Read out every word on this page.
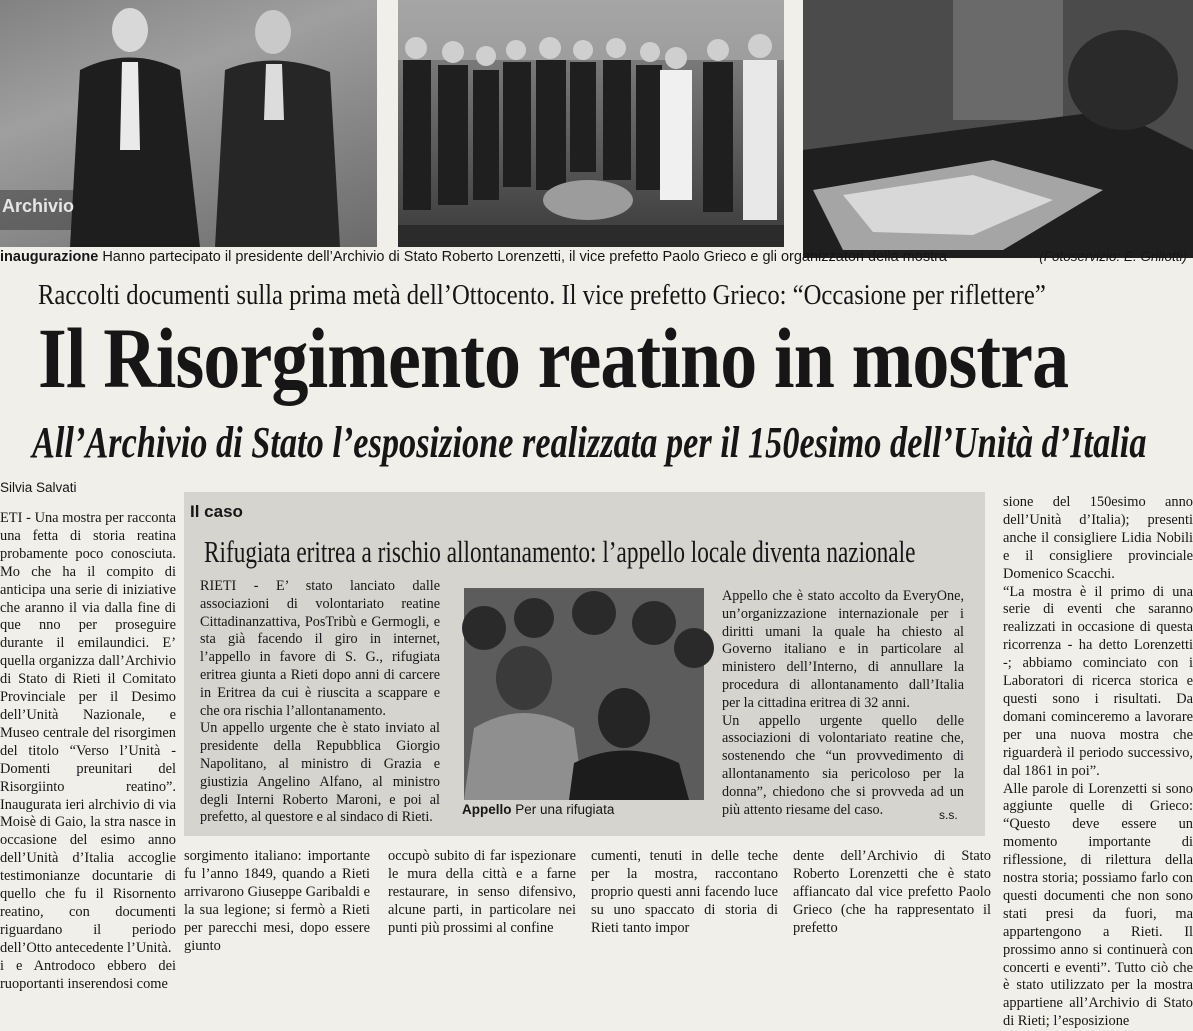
Archivio
inaugurazione Hanno partecipato il presidente dell’Archivio di Stato Roberto Lorenzetti, il vice prefetto Paolo Grieco e gli organizzatori della mostra	(Fotoservizio: E. Grillotti)
Raccolti documenti sulla prima metà dell’Ottocento. Il vice prefetto Grieco: “Occasione per riflettere”
Il Risorgimento reatino in mostra
All’Archivio di Stato l’esposizione realizzata per il 150esimo dell’Unità d’Italia
Silvia Salvati

ETI - Una mostra per racconta una fetta di storia reatina probamente poco conosciuta. Mo che ha il compito di anticipa una serie di iniziative che aranno il via dalla fine di que nno per proseguire durante il emilaundici. E’ quella organizza dall’Archivio di Stato di Rieti il Comitato Provinciale per il Desimo dell’Unità Nazionale, e Museo centrale del risorgimen del titolo “Verso l’Unità - Domenti preunitari del Risorgiinto reatino”. Inaugurata ieri alrchivio di via Moisè di Gaio, la stra nasce in occasione del esimo anno dell’Unità d’Italia accoglie testimonianze docuntarie di quello che fu il Risornento reatino, con documenti riguardano il periodo dell’Otto antecedente l’Unità.

i e Antrodoco ebbero dei ruoportanti inserendosi come

sione del 150esimo anno dell’Unità d’Italia); presenti anche il consigliere Lidia Nobili e il consigliere provinciale Domenico Scacchi.

“La mostra è il primo di una serie di eventi che saranno realizzati in occasione di questa ricorrenza - ha detto Lorenzetti -; abbiamo cominciato con i Laboratori di ricerca storica e questi sono i risultati. Da domani cominceremo a lavorare per una nuova mostra che riguarderà il periodo successivo, dal 1861 in poi”.

Alle parole di Lorenzetti si sono aggiunte quelle di Grieco: “Questo deve essere un momento importante di riflessione, di rilettura della nostra storia; possiamo farlo con questi documenti che non sono stati presi da fuori, ma appartengono a Rieti. Il prossimo anno si continuerà con concerti e eventi”. Tutto ciò che è stato utilizzato per la mostra appartiene all’Archivio di Stato di Rieti; l’esposizione

Il caso
Rifugiata eritrea a rischio allontanamento: l’appello locale diventa nazionale

RIETI - E’ stato lanciato dalle associazioni di volontariato reatine Cittadinanzattiva, PosTribù e Germogli, e sta già facendo il giro in internet, l’appello in favore di S. G., rifugiata eritrea giunta a Rieti dopo anni di carcere in Eritrea da cui è riuscita a scappare e che ora rischia l’allontanamento.

Un appello urgente che è stato inviato al presidente della Repubblica Giorgio Napolitano, al ministro di Grazia e giustizia Angelino Alfano, al ministro degli Interni Roberto Maroni, e poi al prefetto, al questore e al sindaco di Rieti.	Appello Per una rifugiata

Appello che è stato accolto da EveryOne, un’organizzazione internazionale per i diritti umani la quale ha chiesto al Governo italiano e in particolare al ministero dell’Interno, di annullare la procedura di allontanamento dall’Italia per la cittadina eritrea di 32 anni.

Un appello urgente quello delle associazioni di volontariato reatine che, sostenendo che “un provvedimento di allontanamento sia pericoloso per la donna”, chiedono che si provveda ad un più attento riesame del caso.	s.s.
sorgimento italiano: importante fu l’anno 1849, quando a Rieti arrivarono Giuseppe Garibaldi e la sua legione; si fermò a Rieti per parecchi mesi, dopo essere giunto
occupò subito di far ispezionare le mura della città e a farne restaurare, in senso difensivo, alcune parti, in particolare nei punti più prossimi al confine
cumenti, tenuti in delle teche per la mostra, raccontano proprio questi anni facendo luce su uno spaccato di storia di Rieti tanto impor
dente dell’Archivio di Stato Roberto Lorenzetti che è stato affiancato dal vice prefetto Paolo Grieco (che ha rappresentato il prefetto
